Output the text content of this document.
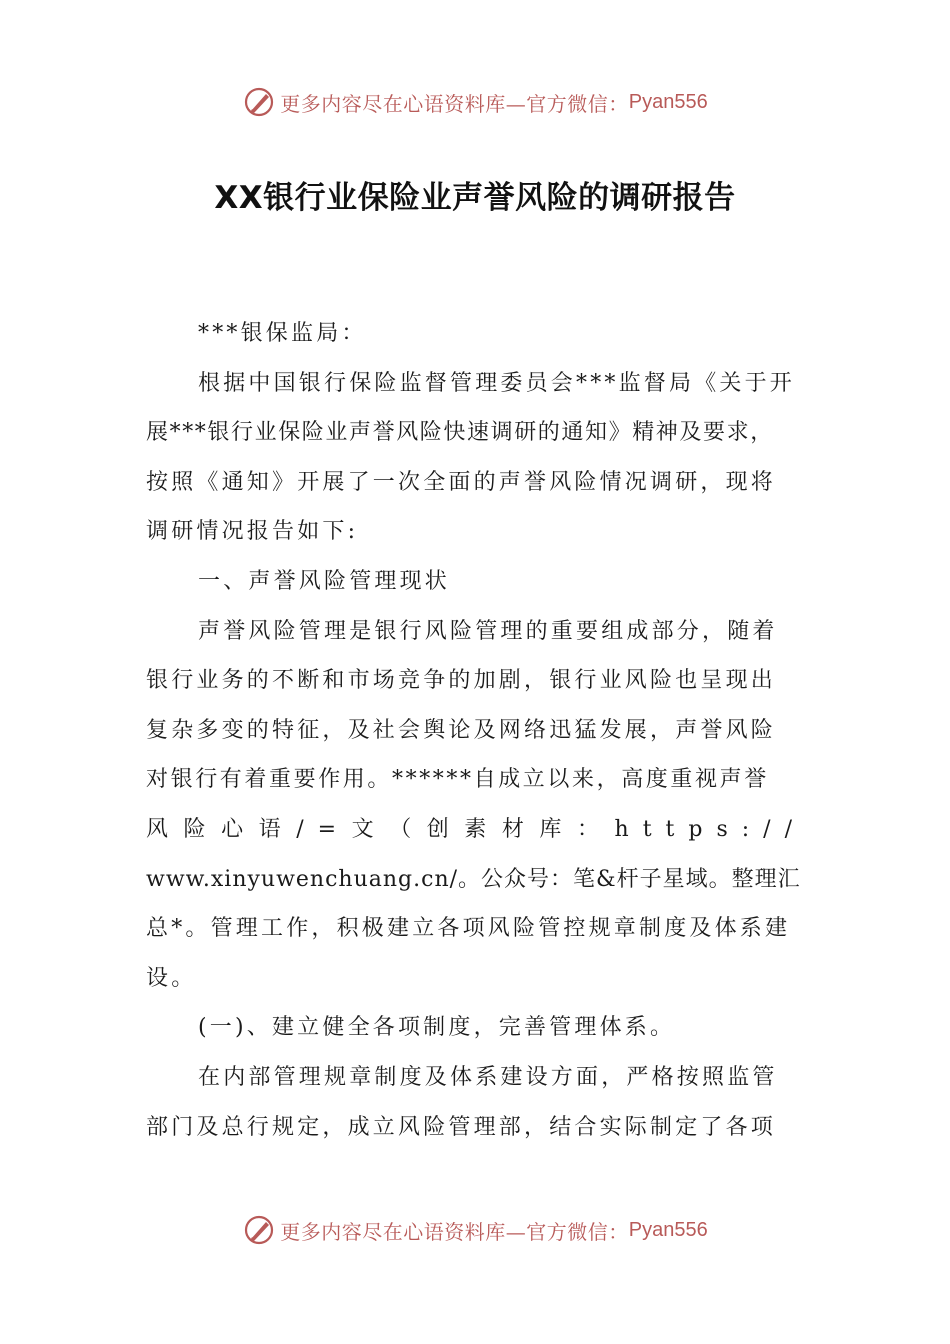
更多内容尽在心语资料库—官方微信： Pyan556
XX银行业保险业声誉风险的调研报告
***银保监局：
根据中国银行保险监督管理委员会***监督局《关于开
展***银行业保险业声誉风险快速调研的通知》精神及要求，
按照《通知》开展了一次全面的声誉风险情况调研，现将
调研情况报告如下:
一、声誉风险管理现状
声誉风险管理是银行风险管理的重要组成部分，随着
银行业务的不断和市场竞争的加剧，银行业风险也呈现出
复杂多变的特征，及社会舆论及网络迅猛发展，声誉风险
对银行有着重要作用。******自成立以来，高度重视声誉
风险心语/=文（创素材库：https://
www.xinyuwenchuang.cn/。公众号：笔&杆子星域。整理汇
总*。管理工作，积极建立各项风险管控规章制度及体系建
设。
(一)、建立健全各项制度，完善管理体系。
在内部管理规章制度及体系建设方面，严格按照监管
部门及总行规定，成立风险管理部，结合实际制定了各项
更多内容尽在心语资料库—官方微信： Pyan556
